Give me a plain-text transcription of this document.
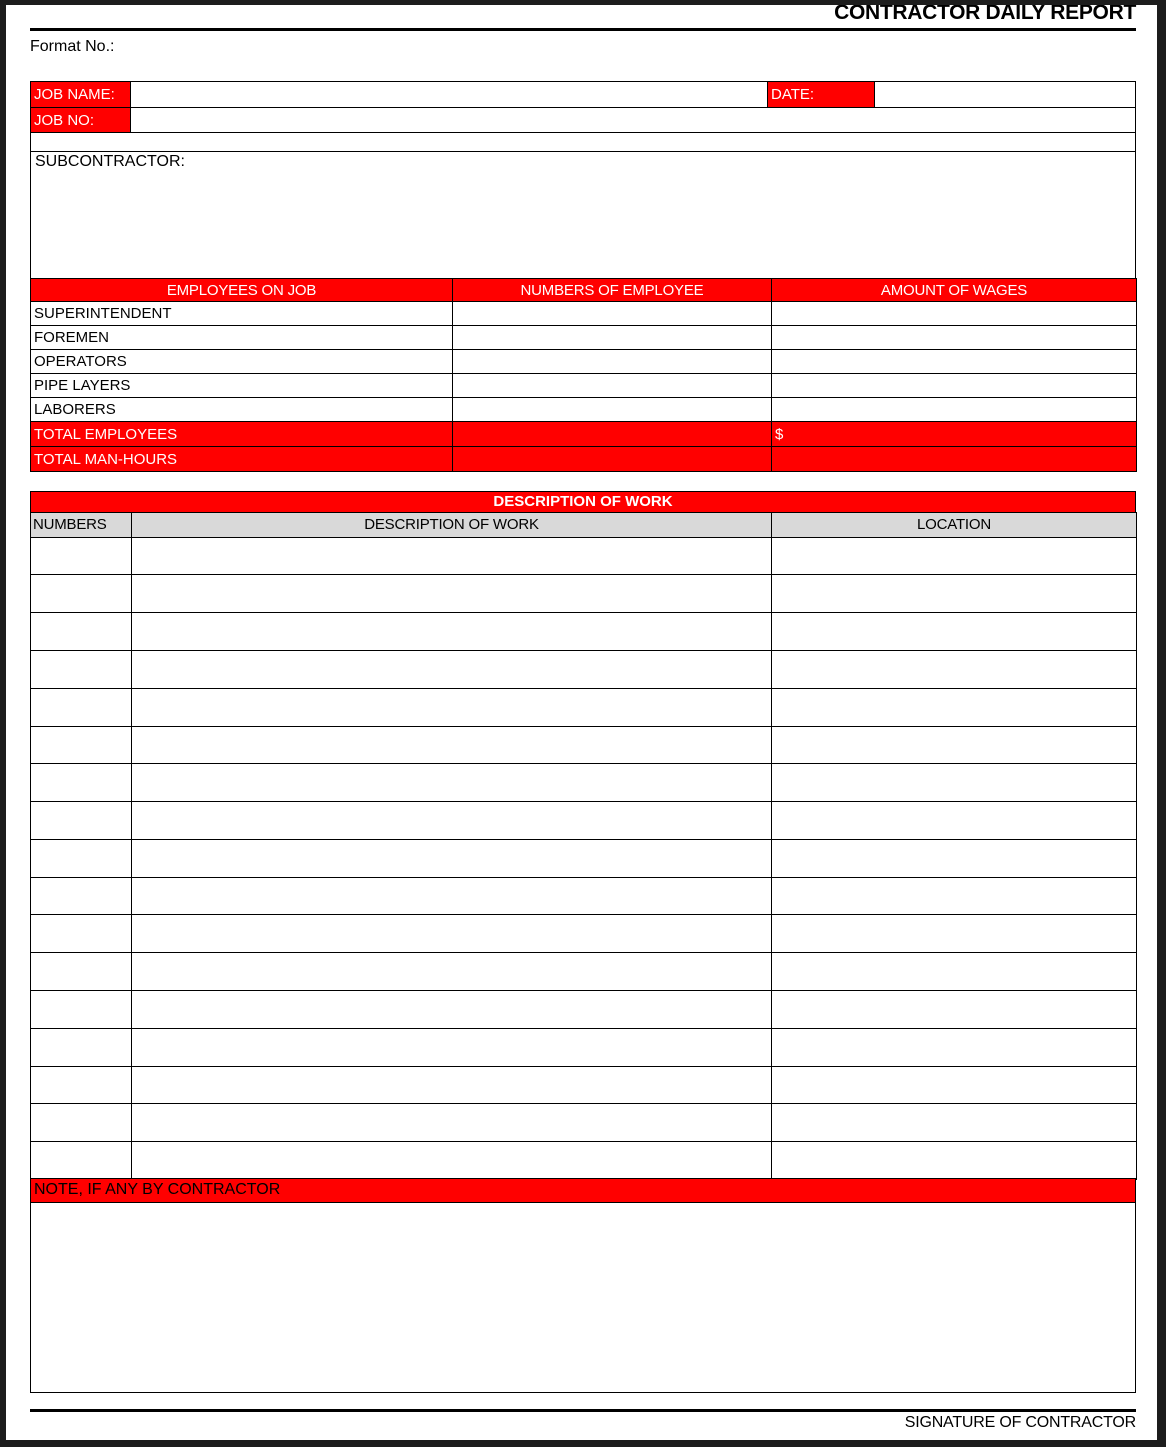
CONTRACTOR DAILY REPORT
Format No.:
JOB NAME:		DATE:	
JOB NO:			

SUBCONTRACTOR:
EMPLOYEES ON JOB	NUMBERS OF EMPLOYEE	AMOUNT OF WAGES
SUPERINTENDENT		
FOREMEN		
OPERATORS		
PIPE LAYERS		
LABORERS		
TOTAL EMPLOYEES		$
TOTAL MAN-HOURS		
DESCRIPTION OF WORK
NUMBERS	DESCRIPTION OF WORK	LOCATION

NOTE, IF ANY BY CONTRACTOR
SIGNATURE OF CONTRACTOR
